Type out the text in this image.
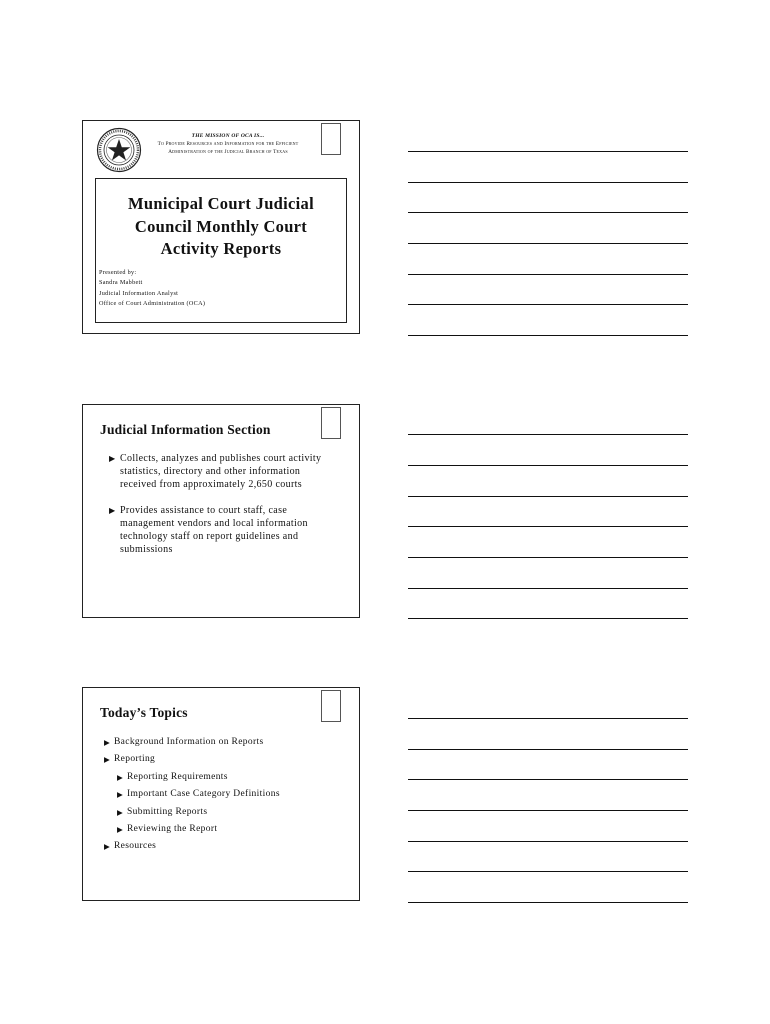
THE MISSION OF OCA IS...
To Provide Resources and Information for the Efficient
Administration of the Judicial Branch of Texas
Municipal Court Judicial Council Monthly Court Activity Reports
Presented by:
Sandra Mabbett
Judicial Information Analyst
Office of Court Administration (OCA)
Judicial Information Section
▶ Collects, analyzes and publishes court activity statistics, directory and other information received from approximately 2,650 courts
▶ Provides assistance to court staff, case management vendors and local information technology staff on report guidelines and submissions
Today’s Topics
▶ Background Information on Reports
▶ Reporting
▶ Reporting Requirements
▶ Important Case Category Definitions
▶ Submitting Reports
▶ Reviewing the Report
▶ Resources
